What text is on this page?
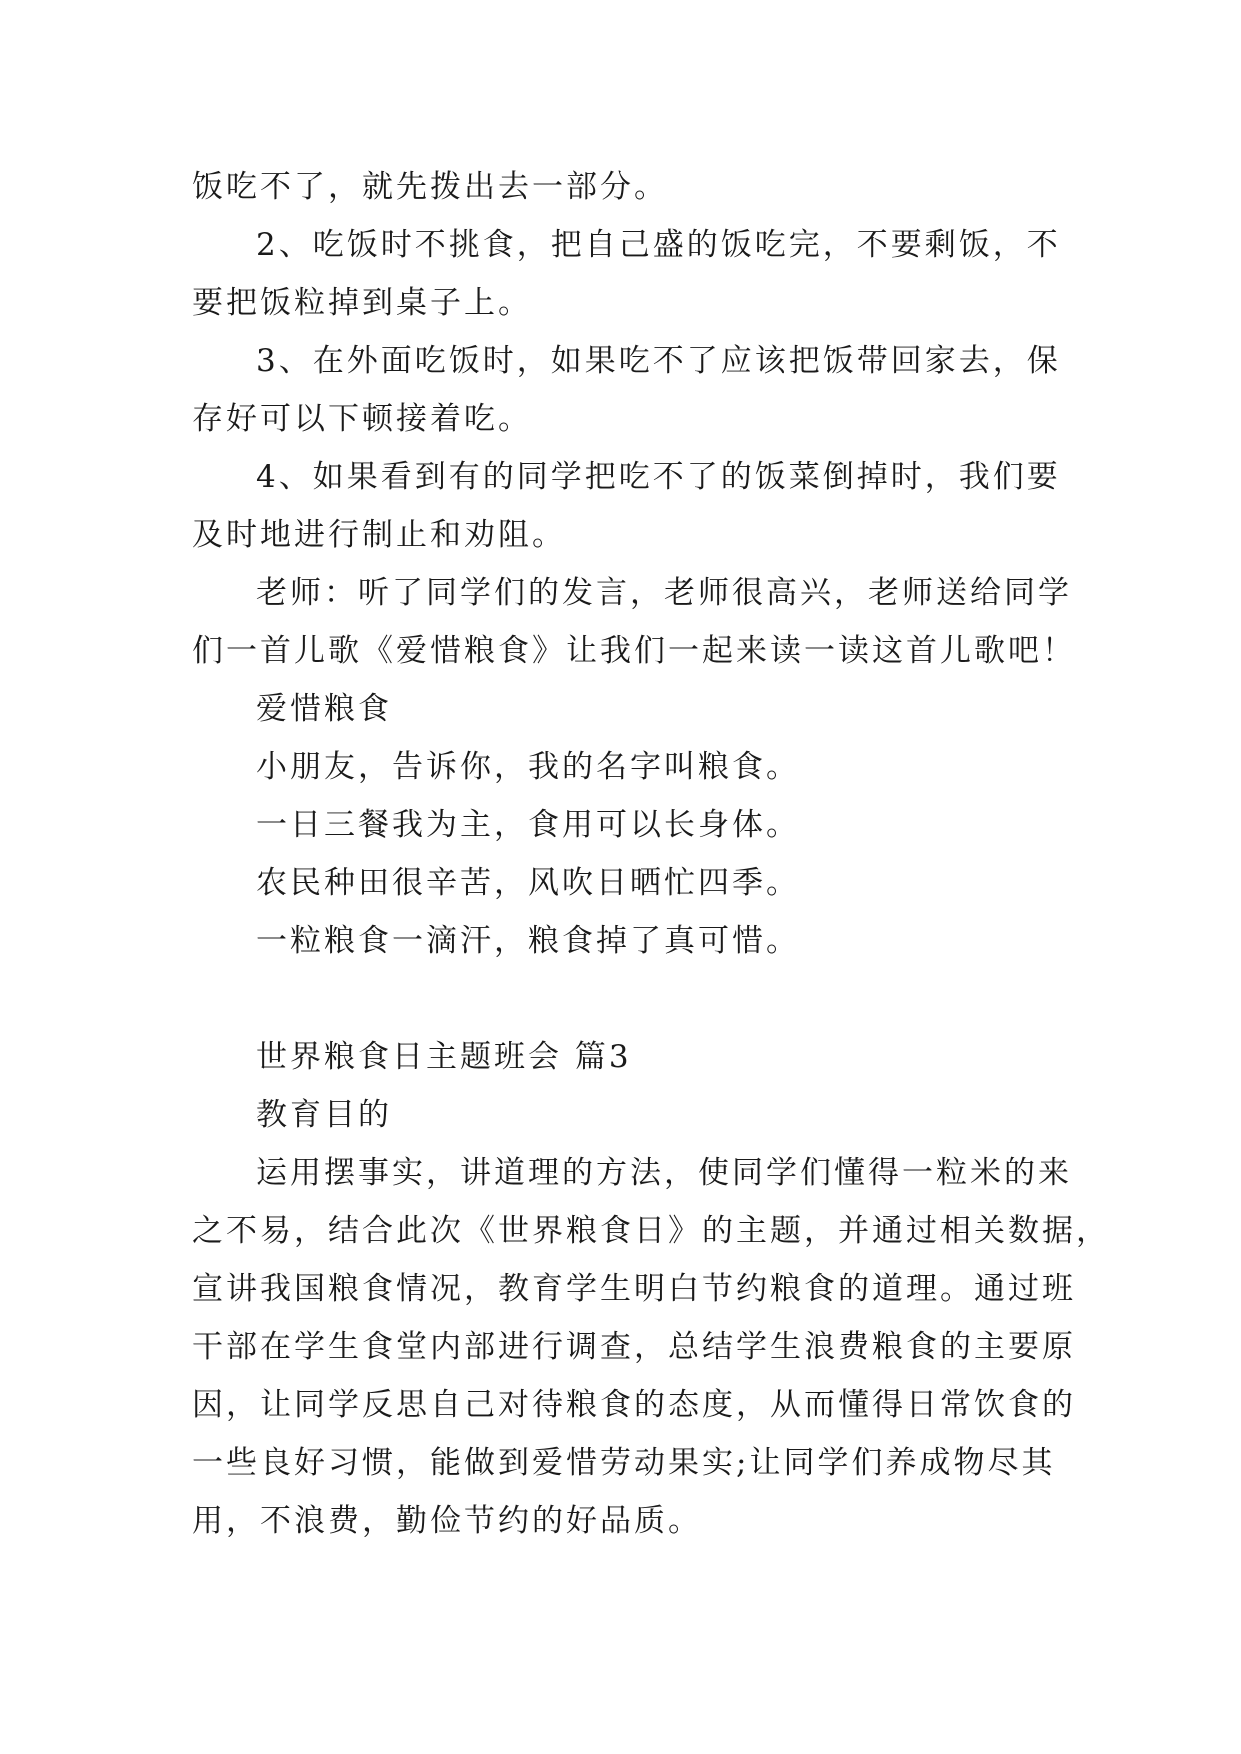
饭吃不了，就先拨出去一部分。
2、吃饭时不挑食，把自己盛的饭吃完，不要剩饭，不
要把饭粒掉到桌子上。
3、在外面吃饭时，如果吃不了应该把饭带回家去，保
存好可以下顿接着吃。
4、如果看到有的同学把吃不了的饭菜倒掉时，我们要
及时地进行制止和劝阻。
老师：听了同学们的发言，老师很高兴，老师送给同学
们一首儿歌《爱惜粮食》让我们一起来读一读这首儿歌吧！
爱惜粮食
小朋友，告诉你，我的名字叫粮食。
一日三餐我为主，食用可以长身体。
农民种田很辛苦，风吹日晒忙四季。
一粒粮食一滴汗，粮食掉了真可惜。
世界粮食日主题班会 篇3
教育目的
运用摆事实，讲道理的方法，使同学们懂得一粒米的来
之不易，结合此次《世界粮食日》的主题，并通过相关数据，
宣讲我国粮食情况，教育学生明白节约粮食的道理。通过班
干部在学生食堂内部进行调查，总结学生浪费粮食的主要原
因，让同学反思自己对待粮食的态度，从而懂得日常饮食的
一些良好习惯，能做到爱惜劳动果实;让同学们养成物尽其
用，不浪费，勤俭节约的好品质。
